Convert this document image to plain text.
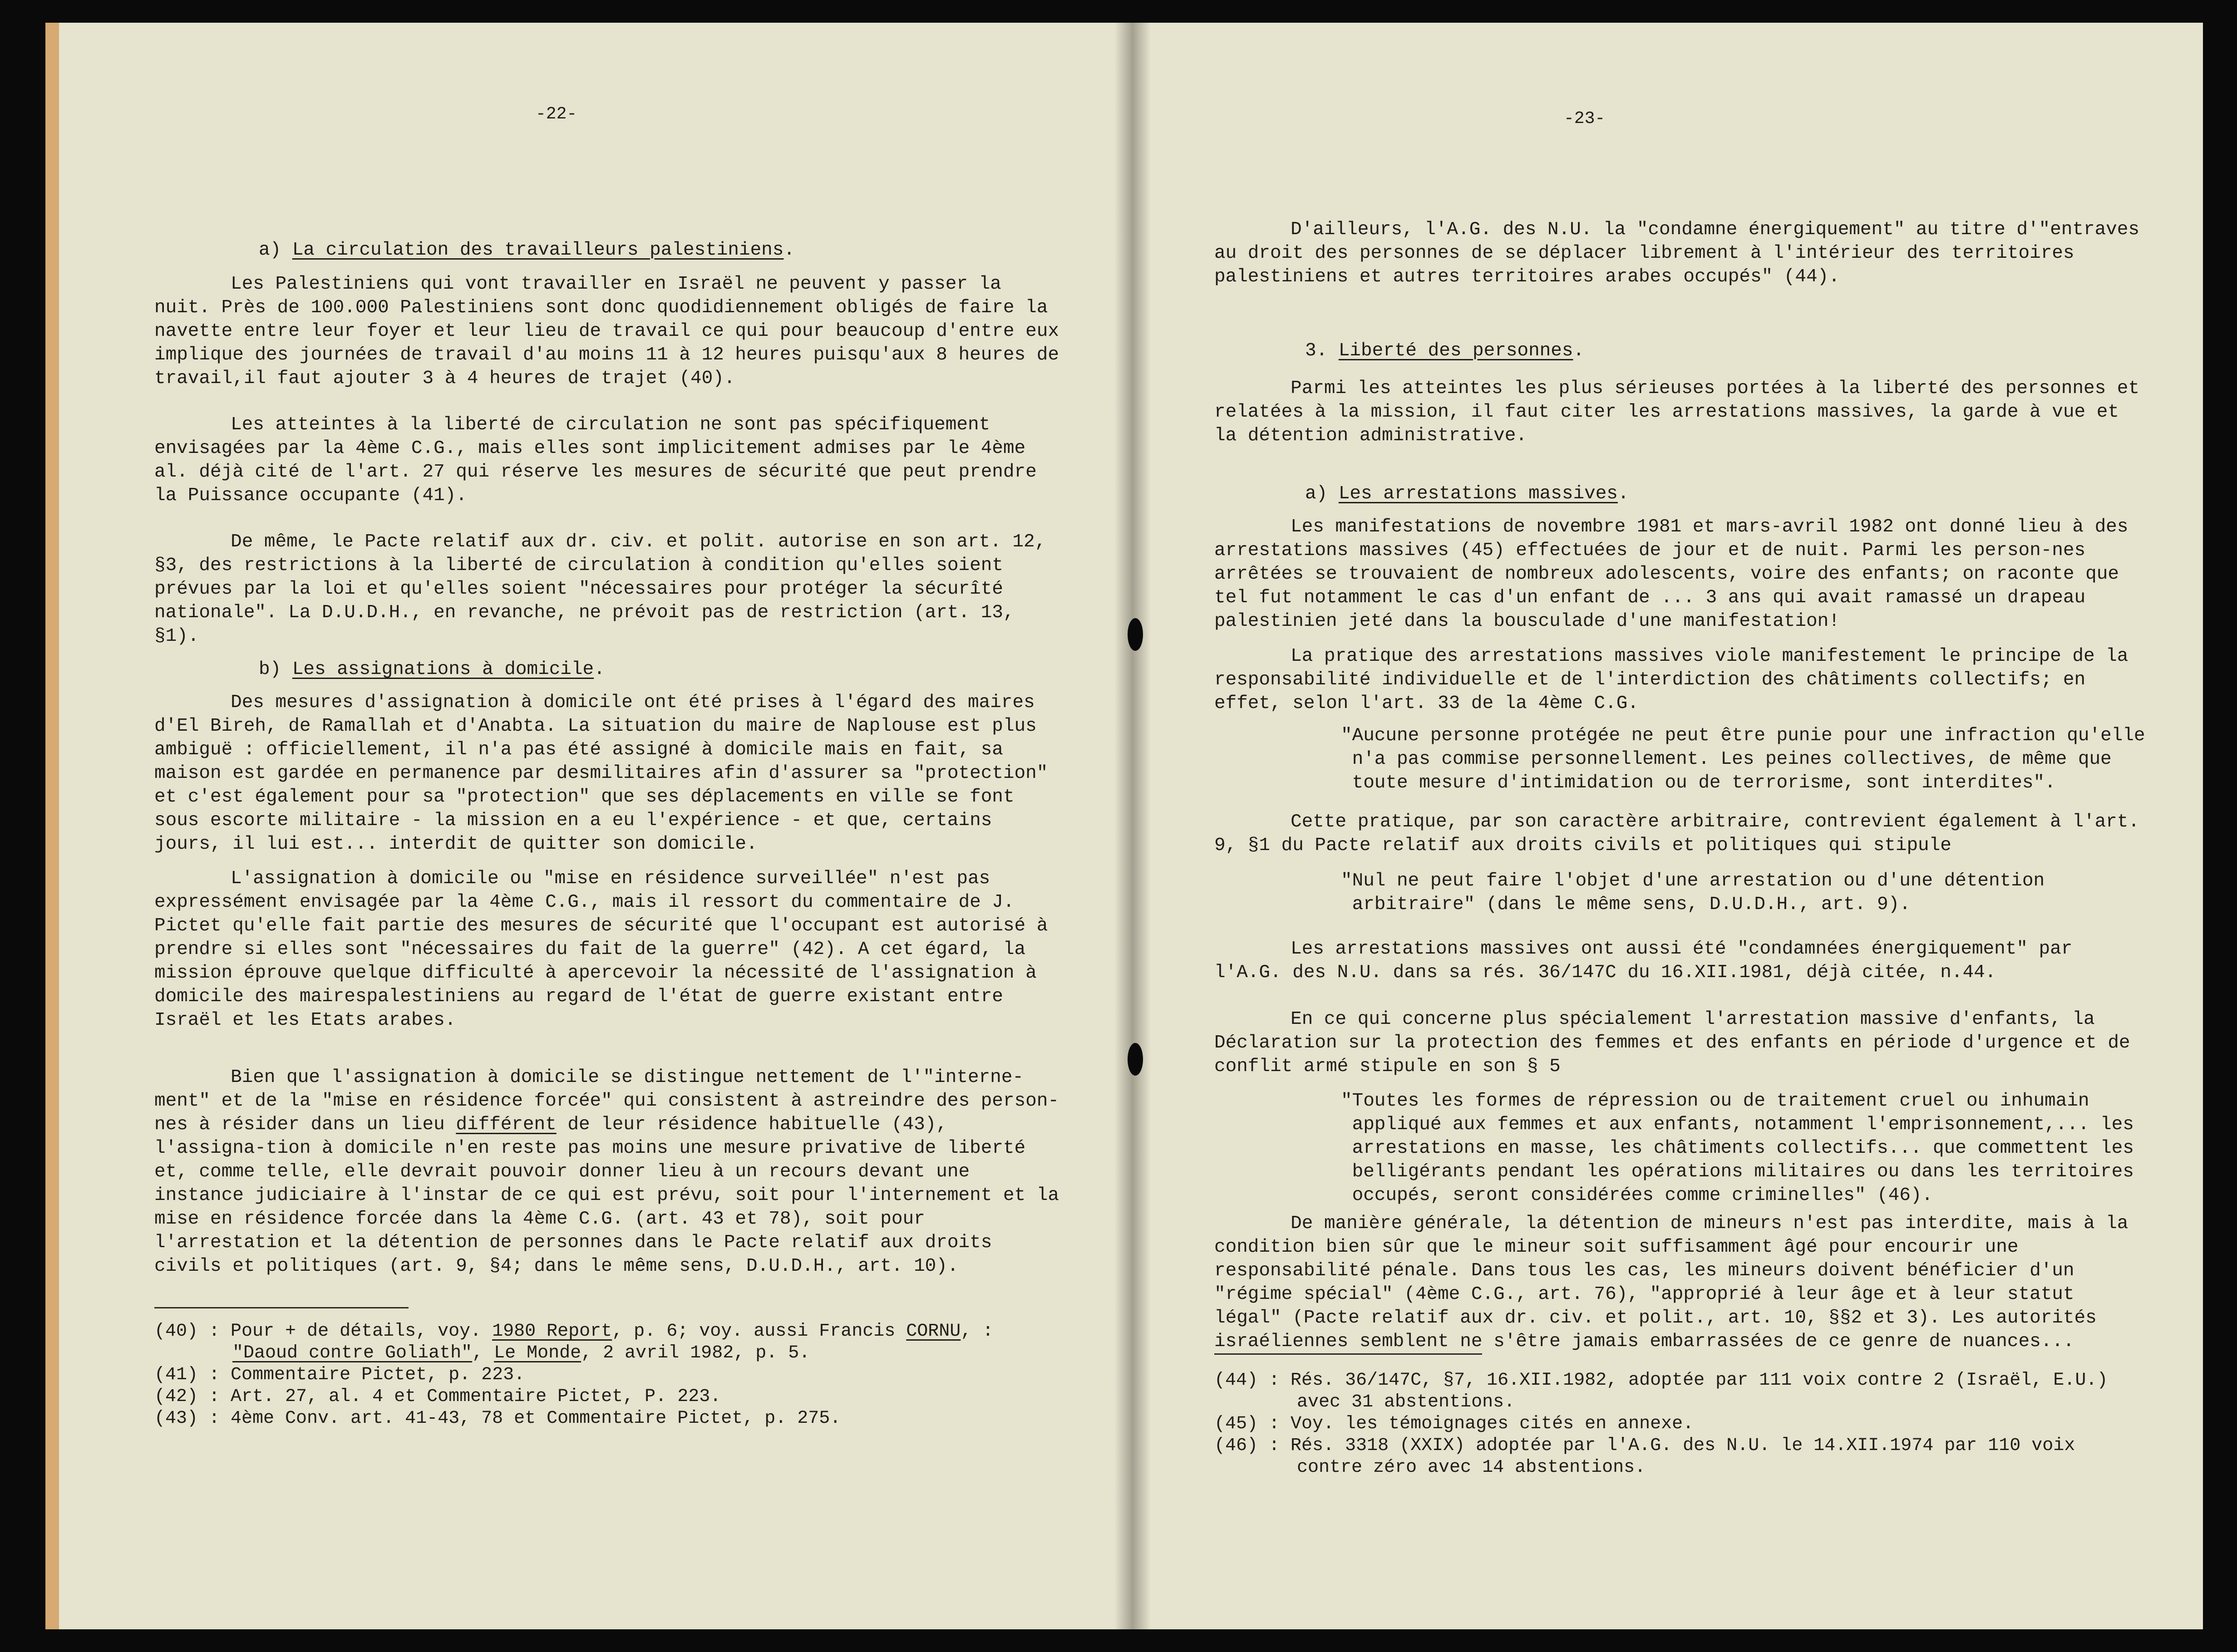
-22-
a) La circulation des travailleurs palestiniens.

Les Palestiniens qui vont travailler en Israël ne peuvent y passer la nuit. Près de 100.000 Palestiniens sont donc quodidiennement obligés de faire la navette entre leur foyer et leur lieu de travail ce qui pour beaucoup d'entre eux implique des journées de travail d'au moins 11 à 12 heures puisqu'aux 8 heures de travail,il faut ajouter 3 à 4 heures de trajet (40).

Les atteintes à la liberté de circulation ne sont pas spécifiquement envisagées par la 4ème C.G., mais elles sont implicitement admises par le 4ème al. déjà cité de l'art. 27 qui réserve les mesures de sécurité que peut prendre la Puissance occupante (41).

De même, le Pacte relatif aux dr. civ. et polit. autorise en son art. 12, §3, des restrictions à la liberté de circulation à condition qu'elles soient prévues par la loi et qu'elles soient "nécessaires pour protéger la sécurîté nationale". La D.U.D.H., en revanche, ne prévoit pas de restriction (art. 13, §1).

b) Les assignations à domicile.

Des mesures d'assignation à domicile ont été prises à l'égard des maires d'El Bireh, de Ramallah et d'Anabta. La situation du maire de Naplouse est plus ambiguë : officiellement, il n'a pas été assigné à domicile mais en fait, sa maison est gardée en permanence par desmilitaires afin d'assurer sa "protection" et c'est également pour sa "protection" que ses déplacements en ville se font sous escorte militaire - la mission en a eu l'expérience - et que, certains jours, il lui est... interdit de quitter son domicile.

L'assignation à domicile ou "mise en résidence surveillée" n'est pas expressément envisagée par la 4ème C.G., mais il ressort du commentaire de J. Pictet qu'elle fait partie des mesures de sécurité que l'occupant est autorisé à prendre si elles sont "nécessaires du fait de la guerre" (42). A cet égard, la mission éprouve quelque difficulté à apercevoir la nécessité de l'assignation à domicile des mairespalestiniens au regard de l'état de guerre existant entre Israël et les Etats arabes.

Bien que l'assignation à domicile se distingue nettement de l'"interne-ment" et de la "mise en résidence forcée" qui consistent à astreindre des person-nes à résider dans un lieu différent de leur résidence habituelle (43), l'assigna-tion à domicile n'en reste pas moins une mesure privative de liberté et, comme telle, elle devrait pouvoir donner lieu à un recours devant une instance judiciaire à l'instar de ce qui est prévu, soit pour l'internement et la mise en résidence forcée dans la 4ème C.G. (art. 43 et 78), soit pour l'arrestation et la détention de personnes dans le Pacte relatif aux droits civils et politiques (art. 9, §4; dans le même sens, D.U.D.H., art. 10).

(40) : Pour + de détails, voy. 1980 Report, p. 6; voy. aussi Francis CORNU, :
"Daoud contre Goliath", Le Monde, 2 avril 1982, p. 5.
(41) : Commentaire Pictet, p. 223.
(42) : Art. 27, al. 4 et Commentaire Pictet, P. 223.
(43) : 4ème Conv. art. 41-43, 78 et Commentaire Pictet, p. 275.
-23-

D'ailleurs, l'A.G. des N.U. la "condamne énergiquement" au titre d'"entraves au droit des personnes de se déplacer librement à l'intérieur des territoires palestiniens et autres territoires arabes occupés" (44).

3. Liberté des personnes.

Parmi les atteintes les plus sérieuses portées à la liberté des personnes et relatées à la mission, il faut citer les arrestations massives, la garde à vue et la détention administrative.

a) Les arrestations massives.

Les manifestations de novembre 1981 et mars-avril 1982 ont donné lieu à des arrestations massives (45) effectuées de jour et de nuit. Parmi les person-nes arrêtées se trouvaient de nombreux adolescents, voire des enfants; on raconte que tel fut notamment le cas d'un enfant de ... 3 ans qui avait ramassé un drapeau palestinien jeté dans la bousculade d'une manifestation!

La pratique des arrestations massives viole manifestement le principe de la responsabilité individuelle et de l'interdiction des châtiments collectifs; en effet, selon l'art. 33 de la 4ème C.G.

"Aucune personne protégée ne peut être punie pour une infraction qu'elle n'a pas commise personnellement. Les peines collectives, de même que toute mesure d'intimidation ou de terrorisme, sont interdites".

Cette pratique, par son caractère arbitraire, contrevient également à l'art. 9, §1 du Pacte relatif aux droits civils et politiques qui stipule

"Nul ne peut faire l'objet d'une arrestation ou d'une détention arbitraire" (dans le même sens, D.U.D.H., art. 9).

Les arrestations massives ont aussi été "condamnées énergiquement" par l'A.G. des N.U. dans sa rés. 36/147C du 16.XII.1981, déjà citée, n.44.

En ce qui concerne plus spécialement l'arrestation massive d'enfants, la Déclaration sur la protection des femmes et des enfants en période d'urgence et de conflit armé stipule en son § 5

"Toutes les formes de répression ou de traitement cruel ou inhumain appliqué aux femmes et aux enfants, notamment l'emprisonnement,... les arrestations en masse, les châtiments collectifs... que commettent les belligérants pendant les opérations militaires ou dans les territoires occupés, seront considérées comme criminelles" (46).

De manière générale, la détention de mineurs n'est pas interdite, mais à la condition bien sûr que le mineur soit suffisamment âgé pour encourir une responsabilité pénale. Dans tous les cas, les mineurs doivent bénéficier d'un "régime spécial" (4ème C.G., art. 76), "approprié à leur âge et à leur statut légal" (Pacte relatif aux dr. civ. et polit., art. 10, §§2 et 3). Les autorités israéliennes semblent ne s'être jamais embarrassées de ce genre de nuances...

(44) : Rés. 36/147C, §7, 16.XII.1982, adoptée par 111 voix contre 2 (Israël, E.U.)
avec 31 abstentions.
(45) : Voy. les témoignages cités en annexe.
(46) : Rés. 3318 (XXIX) adoptée par l'A.G. des N.U. le 14.XII.1974 par 110 voix
contre zéro avec 14 abstentions.
